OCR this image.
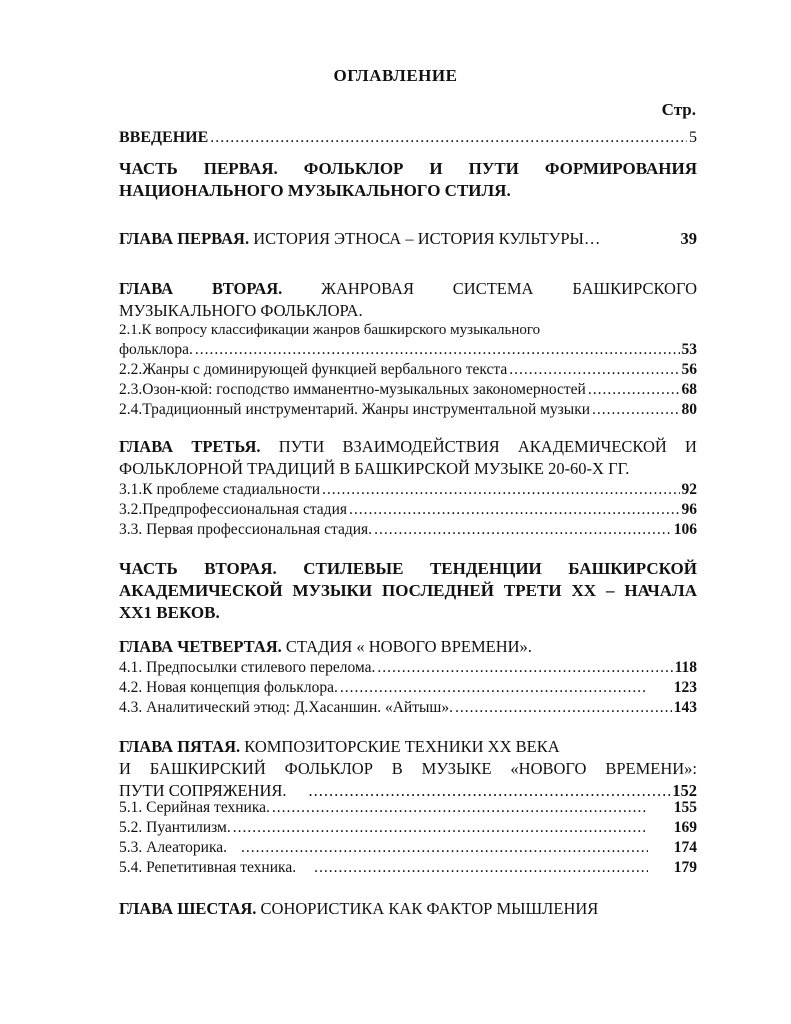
ОГЛАВЛЕНИЕ
Стр.
ВВЕДЕНИЕ .....	5
ЧАСТЬ ПЕРВАЯ. ФОЛЬКЛОР И ПУТИ ФОРМИРОВАНИЯ
НАЦИОНАЛЬНОГО МУЗЫКАЛЬНОГО СТИЛЯ.
ГЛАВА ПЕРВАЯ. ИСТОРИЯ ЭТНОСА – ИСТОРИЯ КУЛЬТУРЫ…	39
ГЛАВА ВТОРАЯ. ЖАНРОВАЯ СИСТЕМА БАШКИРСКОГО
МУЗЫКАЛЬНОГО ФОЛЬКЛОРА.
2.1.К вопросу классификации жанров башкирского музыкального
фольклора. .....	53
2.2.Жанры с доминирующей функцией вербального текста .....	56
2.3.Озон-кюй: господство имманентно-музыкальных закономерностей .....	68
2.4.Традиционный инструментарий. Жанры инструментальной музыки .....	80
ГЛАВА ТРЕТЬЯ. ПУТИ ВЗАИМОДЕЙСТВИЯ АКАДЕМИЧЕСКОЙ И
ФОЛЬКЛОРНОЙ ТРАДИЦИЙ В БАШКИРСКОЙ МУЗЫКЕ 20-60-Х ГГ.
3.1.К проблеме стадиальности .....	92
3.2.Предпрофессиональная стадия .....	96
3.3. Первая профессиональная стадия. .....	106
ЧАСТЬ ВТОРАЯ. СТИЛЕВЫЕ ТЕНДЕНЦИИ БАШКИРСКОЙ
АКАДЕМИЧЕСКОЙ МУЗЫКИ ПОСЛЕДНЕЙ ТРЕТИ ХХ – НАЧАЛА
ХХ1 ВЕКОВ.
ГЛАВА ЧЕТВЕРТАЯ. СТАДИЯ « НОВОГО ВРЕМЕНИ».
4.1. Предпосылки стилевого перелома. .....	118
4.2. Новая концепция фольклора. .....	123
4.3. Аналитический этюд: Д.Хасаншин. «Айтыш». .....	143
ГЛАВА ПЯТАЯ. КОМПОЗИТОРСКИЕ ТЕХНИКИ ХХ ВЕКА
И БАШКИРСКИЙ ФОЛЬКЛОР В МУЗЫКЕ «НОВОГО ВРЕМЕНИ»:
ПУТИ СОПРЯЖЕНИЯ. .....	152
5.1. Серийная техника. .....	155
5.2. Пуантилизм. .....	169
5.3. Алеаторика. .....	174
5.4. Репетитивная техника. .....	179
ГЛАВА ШЕСТАЯ. СОНОРИСТИКА КАК ФАКТОР МЫШЛЕНИЯ
